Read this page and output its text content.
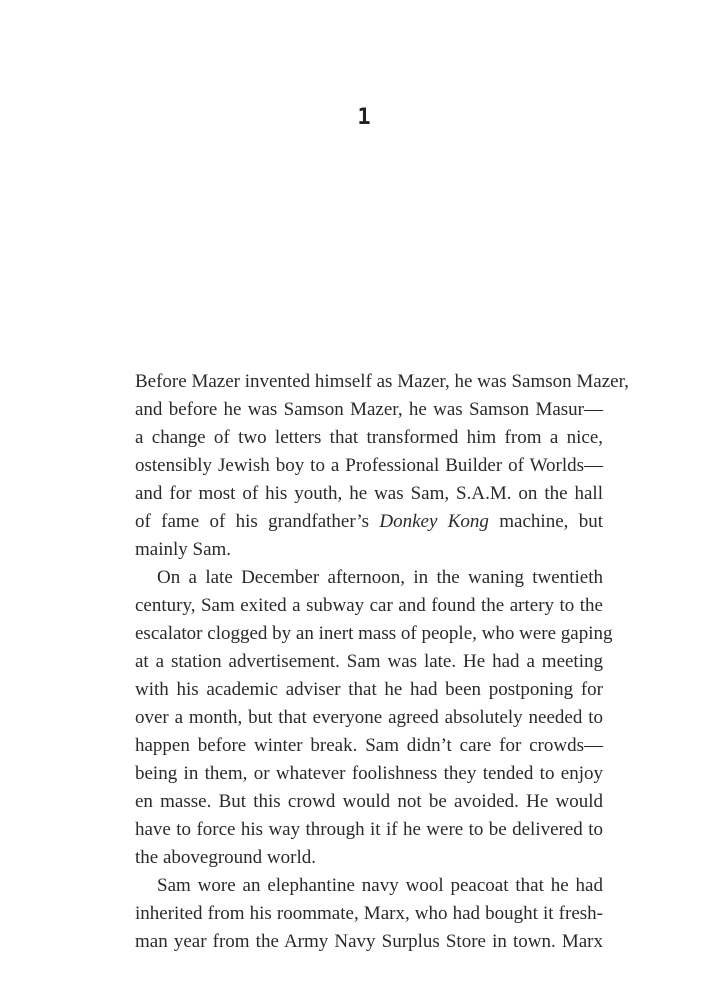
1
Before Mazer invented himself as Mazer, he was Samson Mazer,
and before he was Samson Mazer, he was Samson Masur—
a change of two letters that transformed him from a nice,
ostensibly Jewish boy to a Professional Builder of Worlds—
and for most of his youth, he was Sam, S.A.M. on the hall
of fame of his grandfather’s Donkey Kong machine, but
mainly Sam.
On a late December afternoon, in the waning twentieth
century, Sam exited a subway car and found the artery to the
escalator clogged by an inert mass of people, who were gaping
at a station advertisement. Sam was late. He had a meeting
with his academic adviser that he had been postponing for
over a month, but that everyone agreed absolutely needed to
happen before winter break. Sam didn’t care for crowds—
being in them, or whatever foolishness they tended to enjoy
en masse. But this crowd would not be avoided. He would
have to force his way through it if he were to be delivered to
the aboveground world.
Sam wore an elephantine navy wool peacoat that he had
inherited from his roommate, Marx, who had bought it fresh-
man year from the Army Navy Surplus Store in town. Marx
